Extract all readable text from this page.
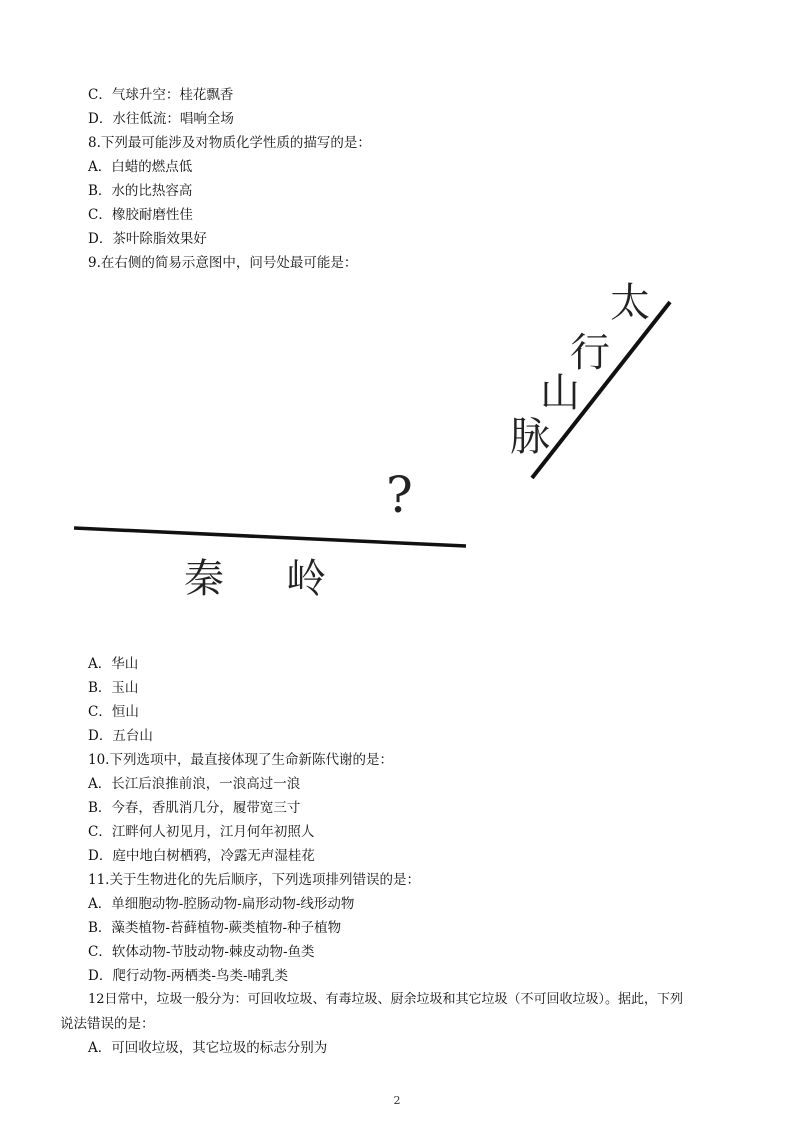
C．气球升空：桂花飘香
D．水往低流：唱响全场
8.下列最可能涉及对物质化学性质的描写的是：
A．白蜡的燃点低
B．水的比热容高
C．橡胶耐磨性佳
D．茶叶除脂效果好
9.在右侧的简易示意图中，问号处最可能是：
太
行
山
脉
?
秦 岭
A．华山
B．玉山
C．恒山
D．五台山
10.下列选项中，最直接体现了生命新陈代谢的是：
A．长江后浪推前浪，一浪高过一浪
B．今春，香肌消几分，履带宽三寸
C．江畔何人初见月，江月何年初照人
D．庭中地白树栖鸦，冷露无声湿桂花
11.关于生物进化的先后顺序，下列选项排列错误的是：
A．单细胞动物-腔肠动物-扁形动物-线形动物
B．藻类植物-苔藓植物-蕨类植物-种子植物
C．软体动物-节肢动物-棘皮动物-鱼类
D．爬行动物-两栖类-鸟类-哺乳类
12日常中，垃圾一般分为：可回收垃圾、有毒垃圾、厨余垃圾和其它垃圾（不可回收垃圾）。据此，下列
说法错误的是：
A．可回收垃圾，其它垃圾的标志分别为
2
